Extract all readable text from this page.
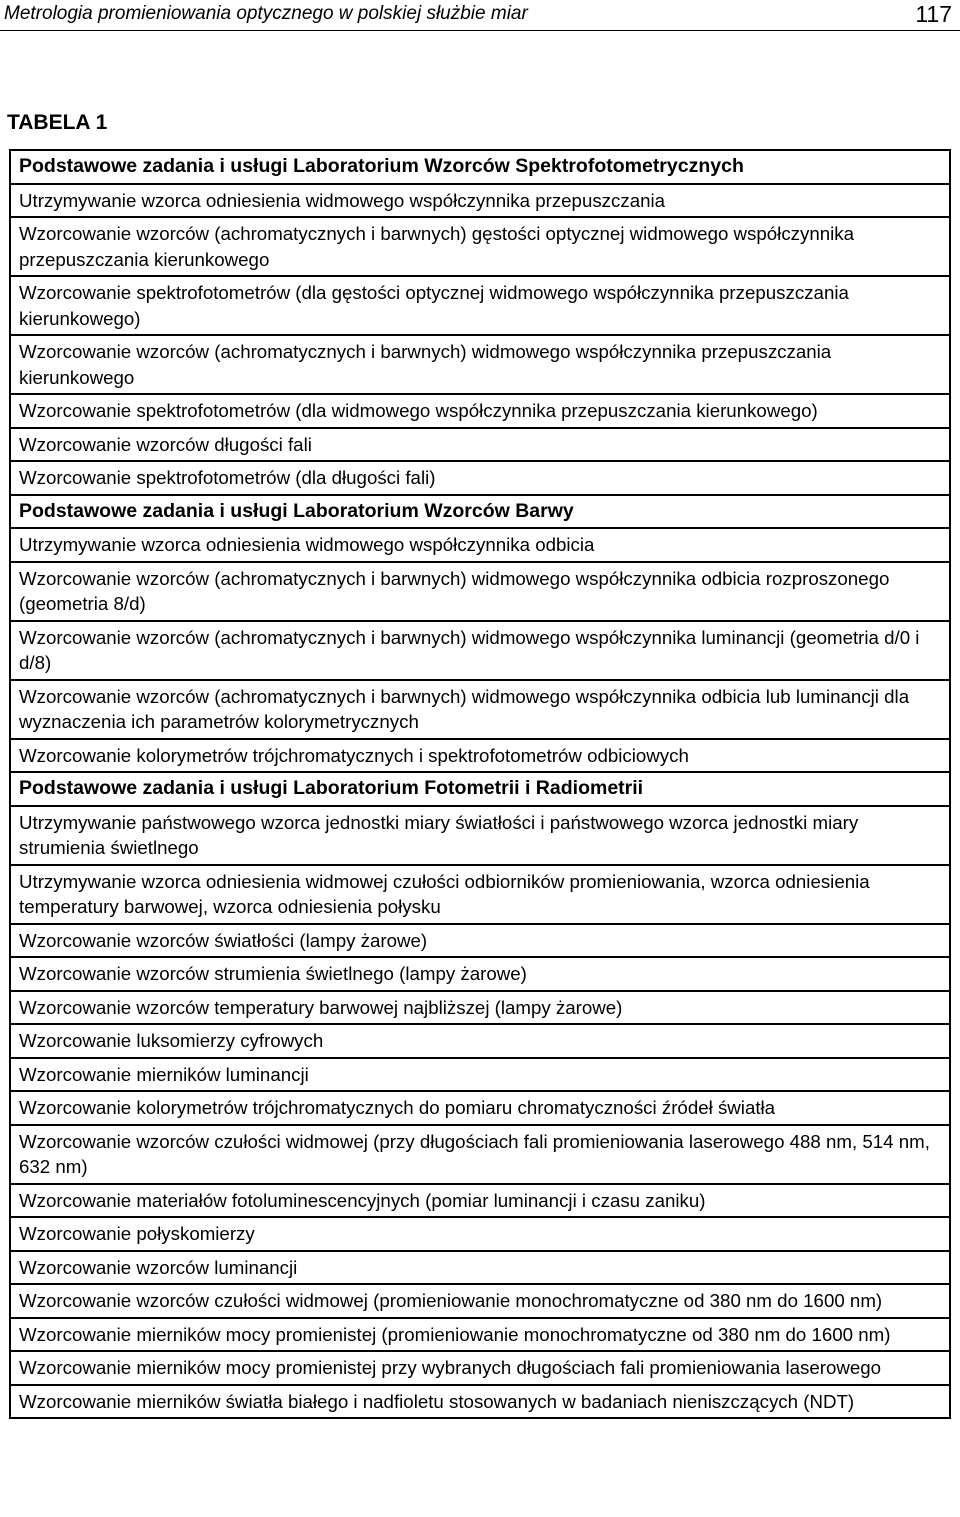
Metrologia promieniowania optycznego w polskiej służbie miar	117
TABELA 1
Podstawowe zadania i usługi Laboratorium Wzorców Spektrofotometrycznych
Utrzymywanie wzorca odniesienia widmowego współczynnika przepuszczania
Wzorcowanie wzorców (achromatycznych i barwnych) gęstości optycznej widmowego współczynnika przepuszczania kierunkowego
Wzorcowanie spektrofotometrów (dla gęstości optycznej widmowego współczynnika przepuszczania kierunkowego)
Wzorcowanie wzorców (achromatycznych i barwnych) widmowego współczynnika przepuszczania kierunkowego
Wzorcowanie spektrofotometrów (dla widmowego współczynnika przepuszczania kierunkowego)
Wzorcowanie wzorców długości fali
Wzorcowanie spektrofotometrów (dla długości fali)
Podstawowe zadania i usługi Laboratorium Wzorców Barwy
Utrzymywanie wzorca odniesienia widmowego współczynnika odbicia
Wzorcowanie wzorców (achromatycznych i barwnych) widmowego współczynnika odbicia rozproszonego (geometria 8/d)
Wzorcowanie wzorców (achromatycznych i barwnych) widmowego współczynnika luminancji (geometria d/0 i d/8)
Wzorcowanie wzorców (achromatycznych i barwnych) widmowego współczynnika odbicia lub luminancji dla wyznaczenia ich parametrów kolorymetrycznych
Wzorcowanie kolorymetrów trójchromatycznych i spektrofotometrów odbiciowych
Podstawowe zadania i usługi Laboratorium Fotometrii i Radiometrii
Utrzymywanie państwowego wzorca jednostki miary światłości i państwowego wzorca jednostki miary strumienia świetlnego
Utrzymywanie wzorca odniesienia widmowej czułości odbiorników promieniowania, wzorca odniesienia temperatury barwowej, wzorca odniesienia połysku
Wzorcowanie wzorców światłości (lampy żarowe)
Wzorcowanie wzorców strumienia świetlnego (lampy żarowe)
Wzorcowanie wzorców temperatury barwowej najbliższej (lampy żarowe)
Wzorcowanie luksomierzy cyfrowych
Wzorcowanie mierników luminancji
Wzorcowanie kolorymetrów trójchromatycznych do pomiaru chromatyczności źródeł światła
Wzorcowanie wzorców czułości widmowej (przy długościach fali promieniowania laserowego 488 nm, 514 nm, 632 nm)
Wzorcowanie materiałów fotoluminescencyjnych (pomiar luminancji i czasu zaniku)
Wzorcowanie połyskomierzy
Wzorcowanie wzorców luminancji
Wzorcowanie wzorców czułości widmowej (promieniowanie monochromatyczne od 380 nm do 1600 nm)
Wzorcowanie mierników mocy promienistej (promieniowanie monochromatyczne od 380 nm do 1600 nm)
Wzorcowanie mierników mocy promienistej przy wybranych długościach fali promieniowania laserowego
Wzorcowanie mierników światła białego i nadfioletu stosowanych w badaniach nieniszczących (NDT)
